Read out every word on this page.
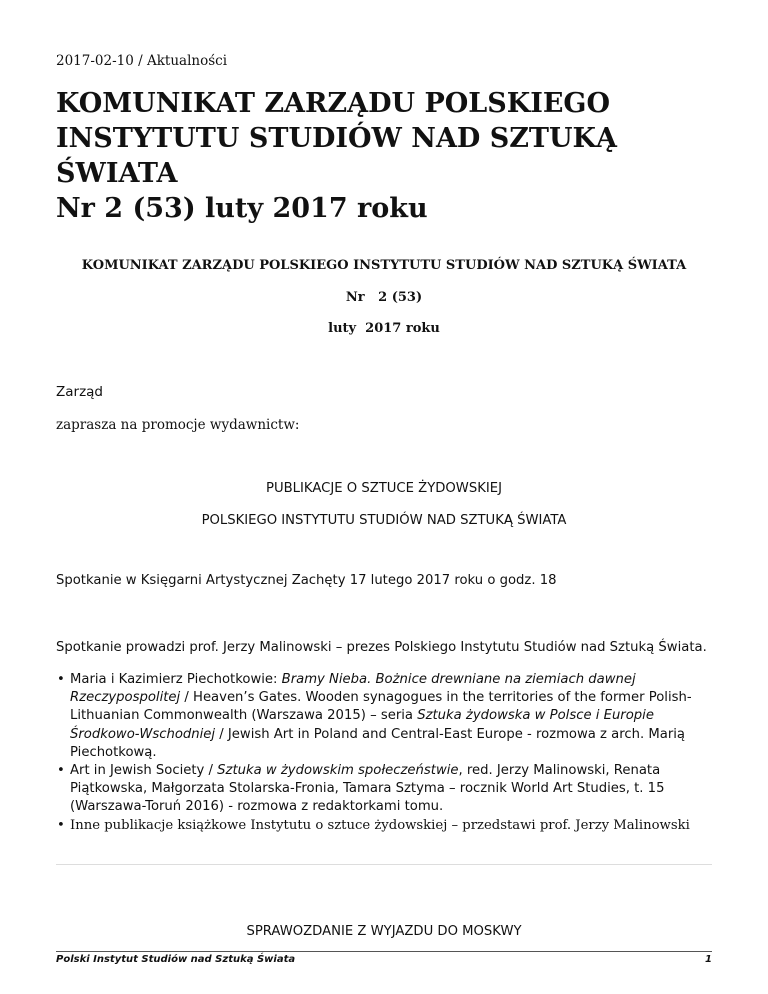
2017-02-10 / Aktualności
KOMUNIKAT ZARZĄDU POLSKIEGO
INSTYTUTU STUDIÓW NAD SZTUKĄ ŚWIATA
Nr 2 (53) luty 2017 roku
KOMUNIKAT ZARZĄDU POLSKIEGO INSTYTUTU STUDIÓW NAD SZTUKĄ ŚWIATA
Nr   2 (53)
luty  2017 roku
Zarząd
zaprasza na promocje wydawnictw:
PUBLIKACJE O SZTUCE ŻYDOWSKIEJ
POLSKIEGO INSTYTUTU STUDIÓW NAD SZTUKĄ ŚWIATA
Spotkanie w Księgarni Artystycznej Zachęty 17 lutego 2017 roku o godz. 18
Spotkanie prowadzi prof. Jerzy Malinowski – prezes Polskiego Instytutu Studiów nad Sztuką Świata.
• Maria i Kazimierz Piechotkowie: Bramy Nieba. Bożnice drewniane na ziemiach dawnej Rzeczypospolitej / Heaven’s Gates. Wooden synagogues in the territories of the former Polish-Lithuanian Commonwealth (Warszawa 2015) – seria Sztuka żydowska w Polsce i Europie Środkowo-Wschodniej / Jewish Art in Poland and Central-East Europe - rozmowa z arch. Marią Piechotkową.
• Art in Jewish Society / Sztuka w żydowskim społeczeństwie, red. Jerzy Malinowski, Renata Piątkowska, Małgorzata Stolarska-Fronia, Tamara Sztyma – rocznik World Art Studies, t. 15 (Warszawa-Toruń 2016) - rozmowa z redaktorkami tomu.
• Inne publikacje książkowe Instytutu o sztuce żydowskiej – przedstawi prof. Jerzy Malinowski
SPRAWOZDANIE Z WYJAZDU DO MOSKWY
Polski Instytut Studiów nad Sztuką Świata	1
